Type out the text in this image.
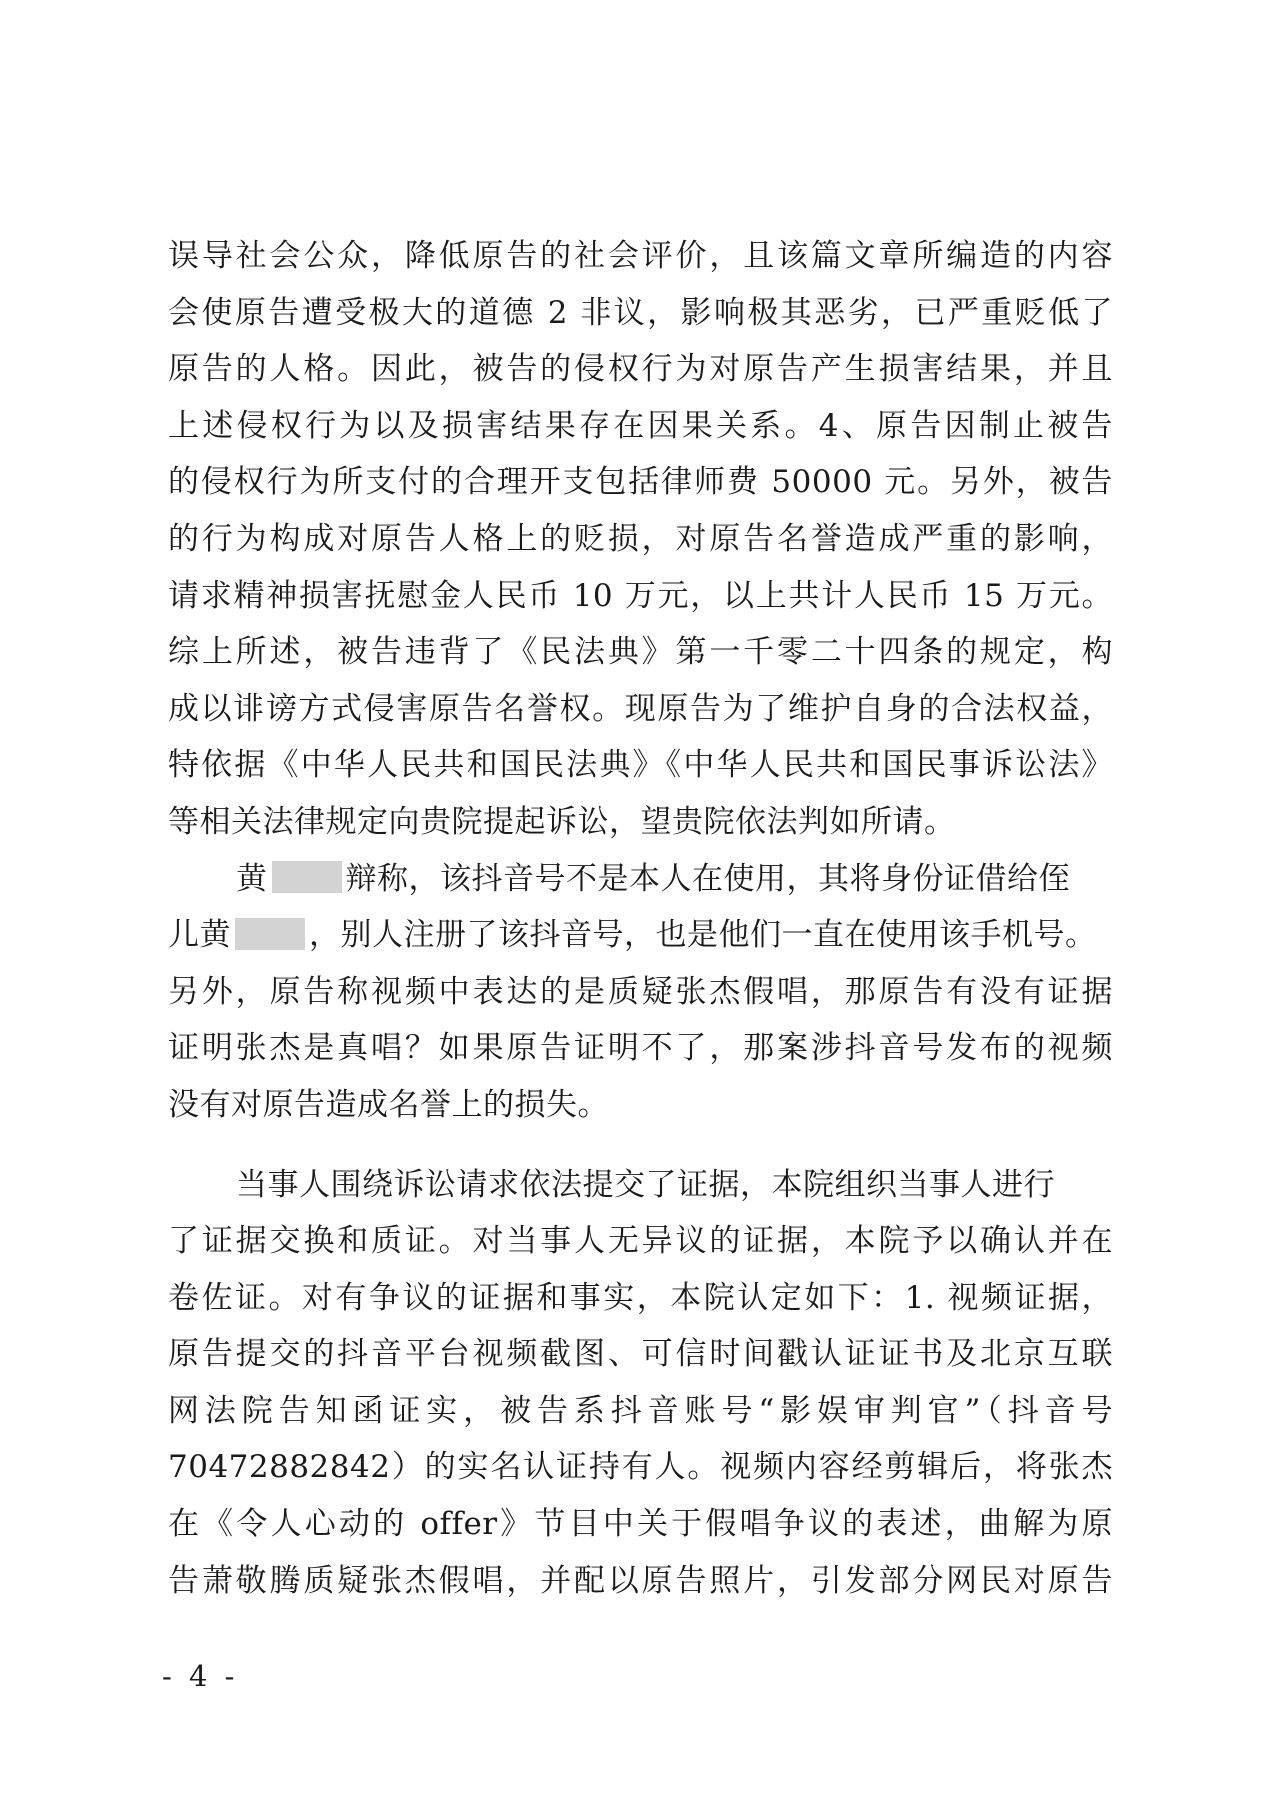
误导社会公众，降低原告的社会评价，且该篇文章所编造的内容
会使原告遭受极大的道德 2 非议，影响极其恶劣，已严重贬低了
原告的人格。因此，被告的侵权行为对原告产生损害结果，并且
上述侵权行为以及损害结果存在因果关系。4、原告因制止被告
的侵权行为所支付的合理开支包括律师费 50000 元。另外，被告
的行为构成对原告人格上的贬损，对原告名誉造成严重的影响，
请求精神损害抚慰金人民币 10 万元，以上共计人民币 15 万元。
综上所述，被告违背了《民法典》第一千零二十四条的规定，构
成以诽谤方式侵害原告名誉权。现原告为了维护自身的合法权益，
特依据《中华人民共和国民法典》《中华人民共和国民事诉讼法》
等相关法律规定向贵院提起诉讼，望贵院依法判如所请。
黄	辩称，该抖音号不是本人在使用，其将身份证借给侄
儿黄	，别人注册了该抖音号，也是他们一直在使用该手机号。
另外，原告称视频中表达的是质疑张杰假唱，那原告有没有证据
证明张杰是真唱？如果原告证明不了，那案涉抖音号发布的视频
没有对原告造成名誉上的损失。
当事人围绕诉讼请求依法提交了证据，本院组织当事人进行
了证据交换和质证。对当事人无异议的证据，本院予以确认并在
卷佐证。对有争议的证据和事实，本院认定如下：1. 视频证据，
原告提交的抖音平台视频截图、可信时间戳认证证书及北京互联
网法院告知函证实，被告系抖音账号“影娱审判官”（抖音号
70472882842）的实名认证持有人。视频内容经剪辑后，将张杰
在《令人心动的 offer》节目中关于假唱争议的表述，曲解为原
告萧敬腾质疑张杰假唱，并配以原告照片，引发部分网民对原告
- 4 -
